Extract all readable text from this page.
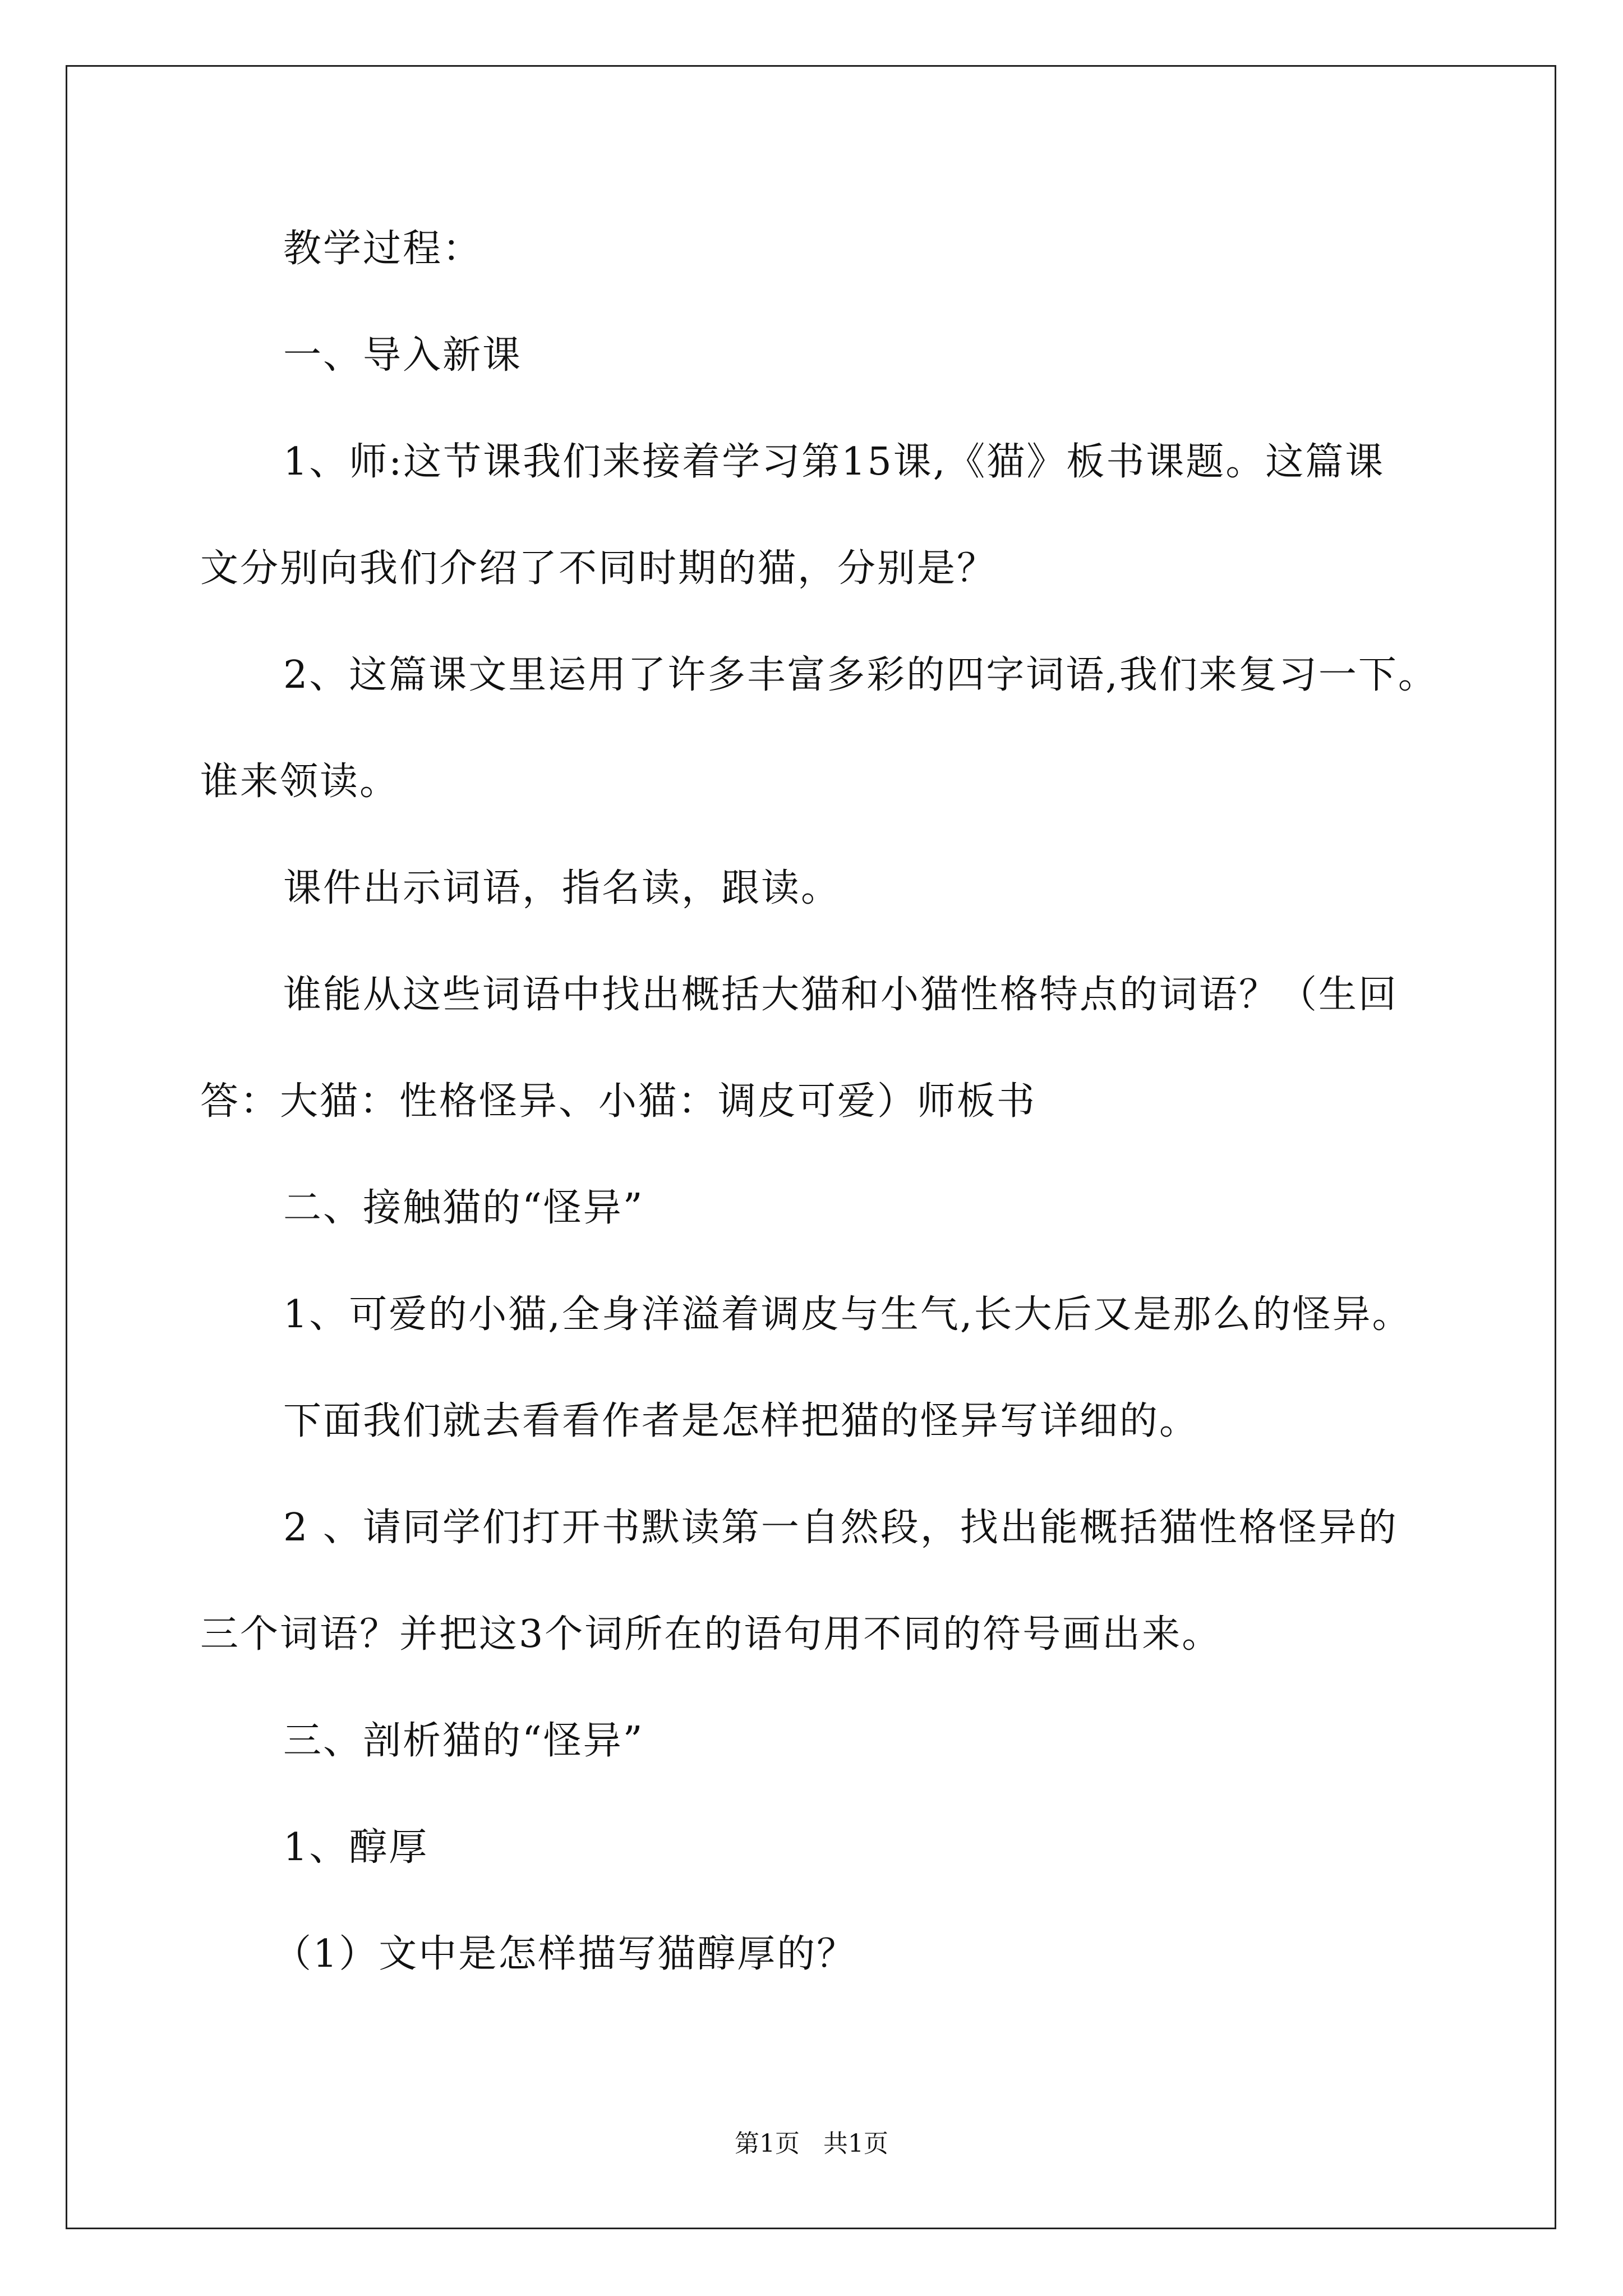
教学过程：
一、导入新课
1、师:这节课我们来接着学习第15课,《猫》板书课题。这篇课
文分别向我们介绍了不同时期的猫，分别是？
2、这篇课文里运用了许多丰富多彩的四字词语,我们来复习一下。
谁来领读。
课件出示词语，指名读，跟读。
谁能从这些词语中找出概括大猫和小猫性格特点的词语？（生回
答：大猫：性格怪异、小猫：调皮可爱）师板书
二、接触猫的“怪异”
1、可爱的小猫,全身洋溢着调皮与生气,长大后又是那么的怪异。
下面我们就去看看作者是怎样把猫的怪异写详细的。
2 、请同学们打开书默读第一自然段，找出能概括猫性格怪异的
三个词语？并把这3个词所在的语句用不同的符号画出来。
三、剖析猫的“怪异”
1、醇厚
（1）文中是怎样描写猫醇厚的？
第1页 共1页
